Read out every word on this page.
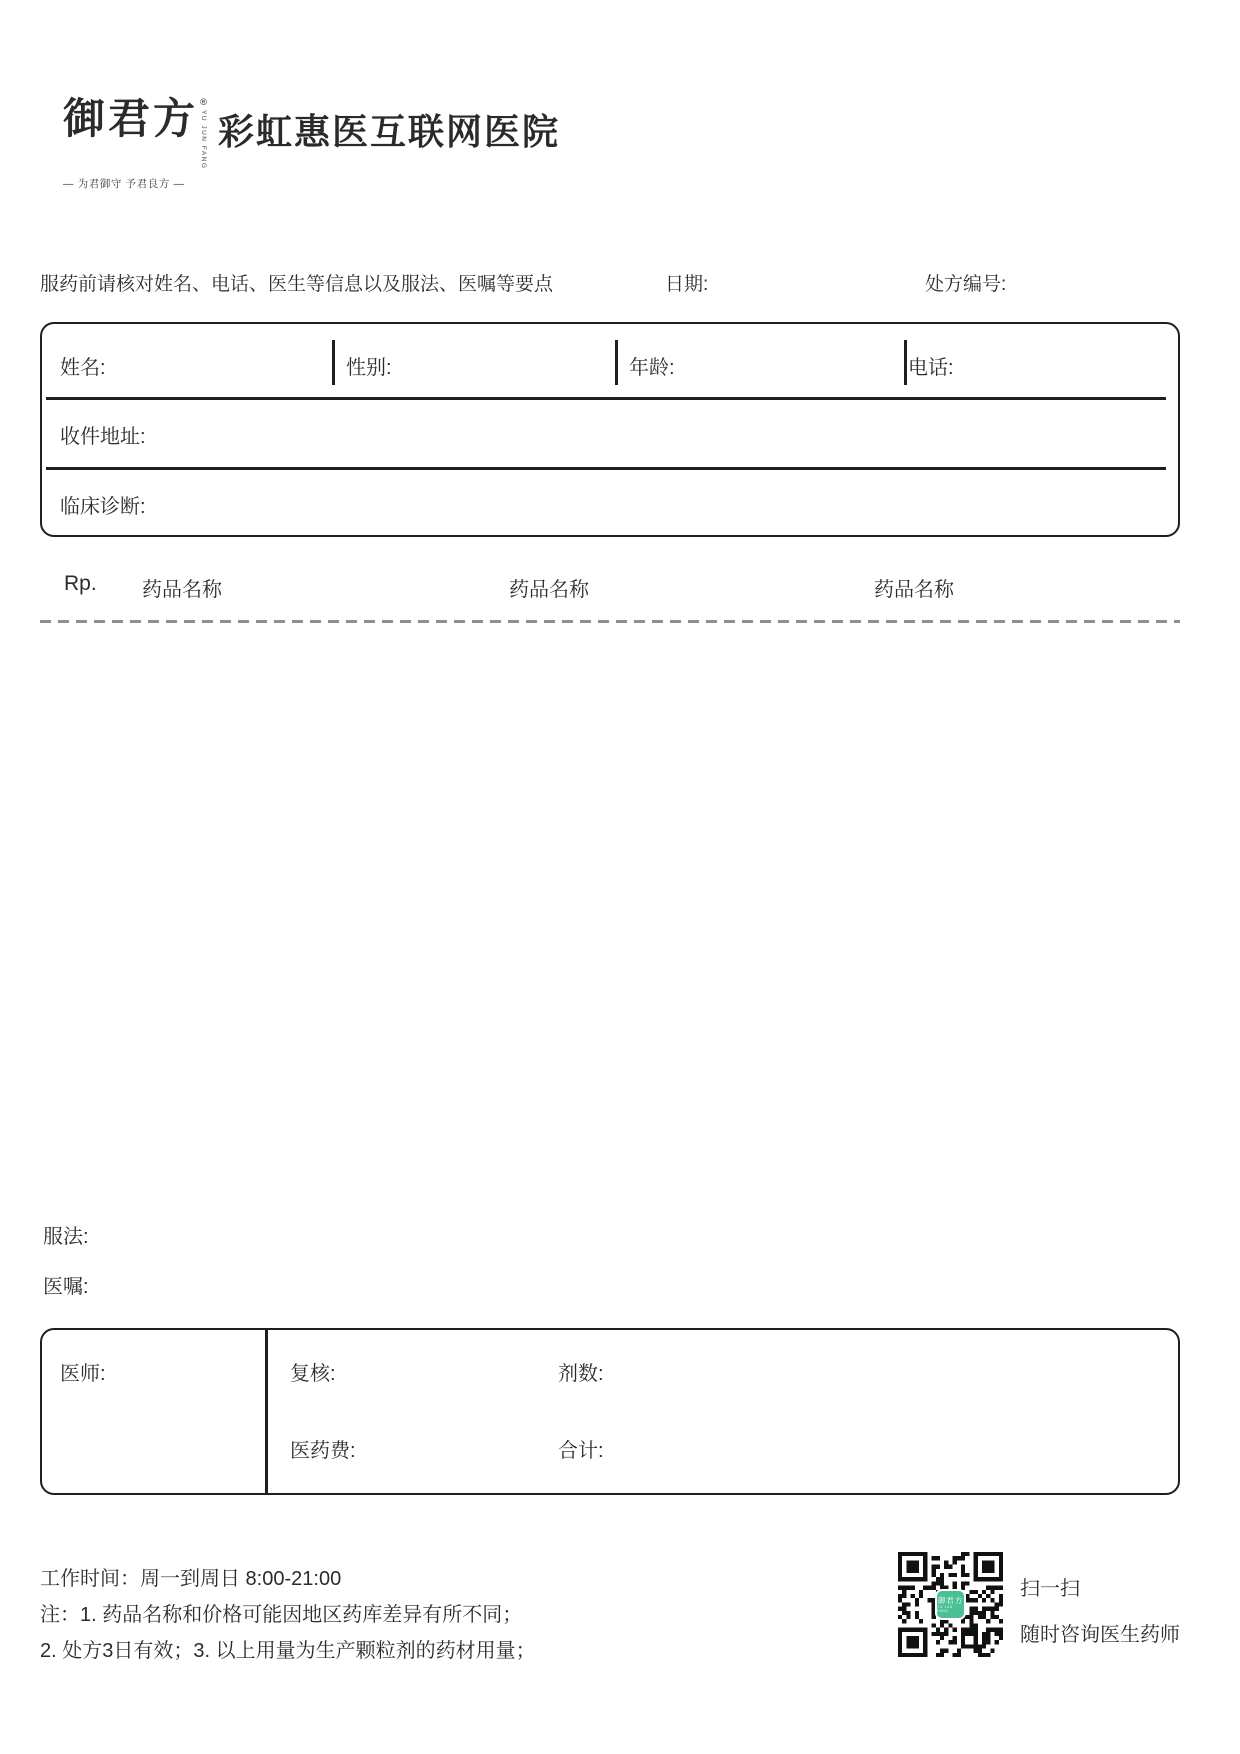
御君方 ®
YU JUN FANG
— 为君御守 予君良方 —
彩虹惠医互联网医院
服药前请核对姓名、电话、医生等信息以及服法、医嘱等要点	日期:	处方编号:
姓名:	性别:	年龄:	电话:
收件地址:
临床诊断:
Rp. 药品名称	药品名称	药品名称
服法:
医嘱:
医师:	复核:	剂数:
医药费:	合计:
工作时间：周一到周日 8:00-21:00
注：1. 药品名称和价格可能因地区药库差异有所不同；
2. 处方3日有效；3. 以上用量为生产颗粒剂的药材用量；
御君方
YU JUN FANG
扫一扫
随时咨询医生药师
